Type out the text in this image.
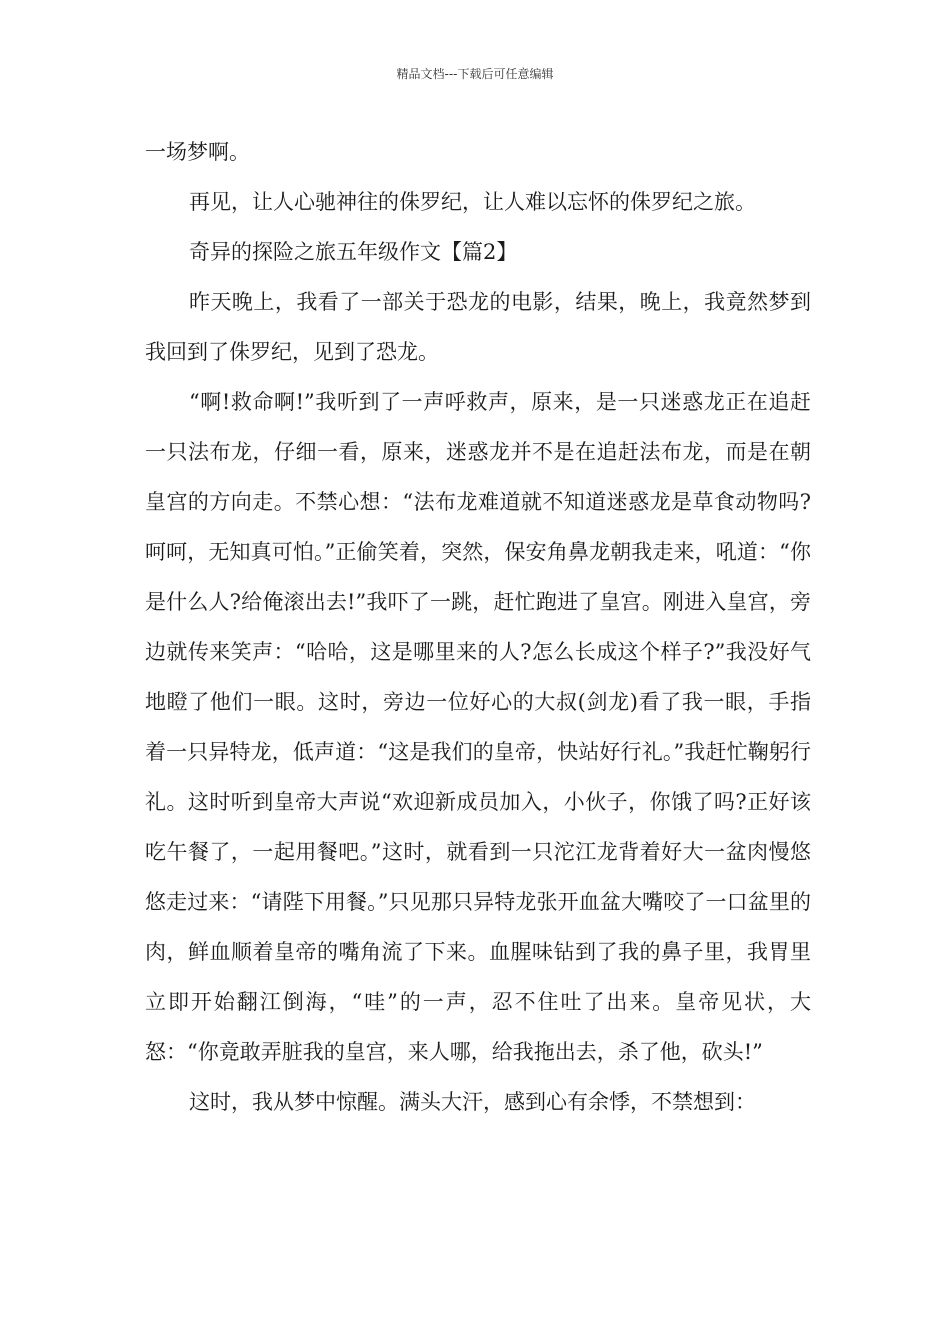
精品文档---下载后可任意编辑

一场梦啊。

再见，让人心驰神往的侏罗纪，让人难以忘怀的侏罗纪之旅。

奇异的探险之旅五年级作文【篇2】

昨天晚上，我看了一部关于恐龙的电影，结果，晚上，我竟然梦到我回到了侏罗纪，见到了恐龙。

“啊!救命啊!”我听到了一声呼救声，原来，是一只迷惑龙正在追赶一只法布龙，仔细一看，原来，迷惑龙并不是在追赶法布龙，而是在朝皇宫的方向走。不禁心想：“法布龙难道就不知道迷惑龙是草食动物吗?呵呵，无知真可怕。”正偷笑着，突然，保安角鼻龙朝我走来，吼道：“你是什么人?给俺滚出去!”我吓了一跳，赶忙跑进了皇宫。刚进入皇宫，旁边就传来笑声：“哈哈，这是哪里来的人?怎么长成这个样子?”我没好气地瞪了他们一眼。这时，旁边一位好心的大叔(剑龙)看了我一眼，手指着一只异特龙，低声道：“这是我们的皇帝，快站好行礼。”我赶忙鞠躬行礼。这时听到皇帝大声说“欢迎新成员加入，小伙子，你饿了吗?正好该吃午餐了，一起用餐吧。”这时，就看到一只沱江龙背着好大一盆肉慢悠悠走过来：“请陛下用餐。”只见那只异特龙张开血盆大嘴咬了一口盆里的肉，鲜血顺着皇帝的嘴角流了下来。血腥味钻到了我的鼻子里，我胃里立即开始翻江倒海，“哇”的一声，忍不住吐了出来。皇帝见状，大怒：“你竟敢弄脏我的皇宫，来人哪，给我拖出去，杀了他，砍头!”

这时，我从梦中惊醒。满头大汗，感到心有余悸，不禁想到：
